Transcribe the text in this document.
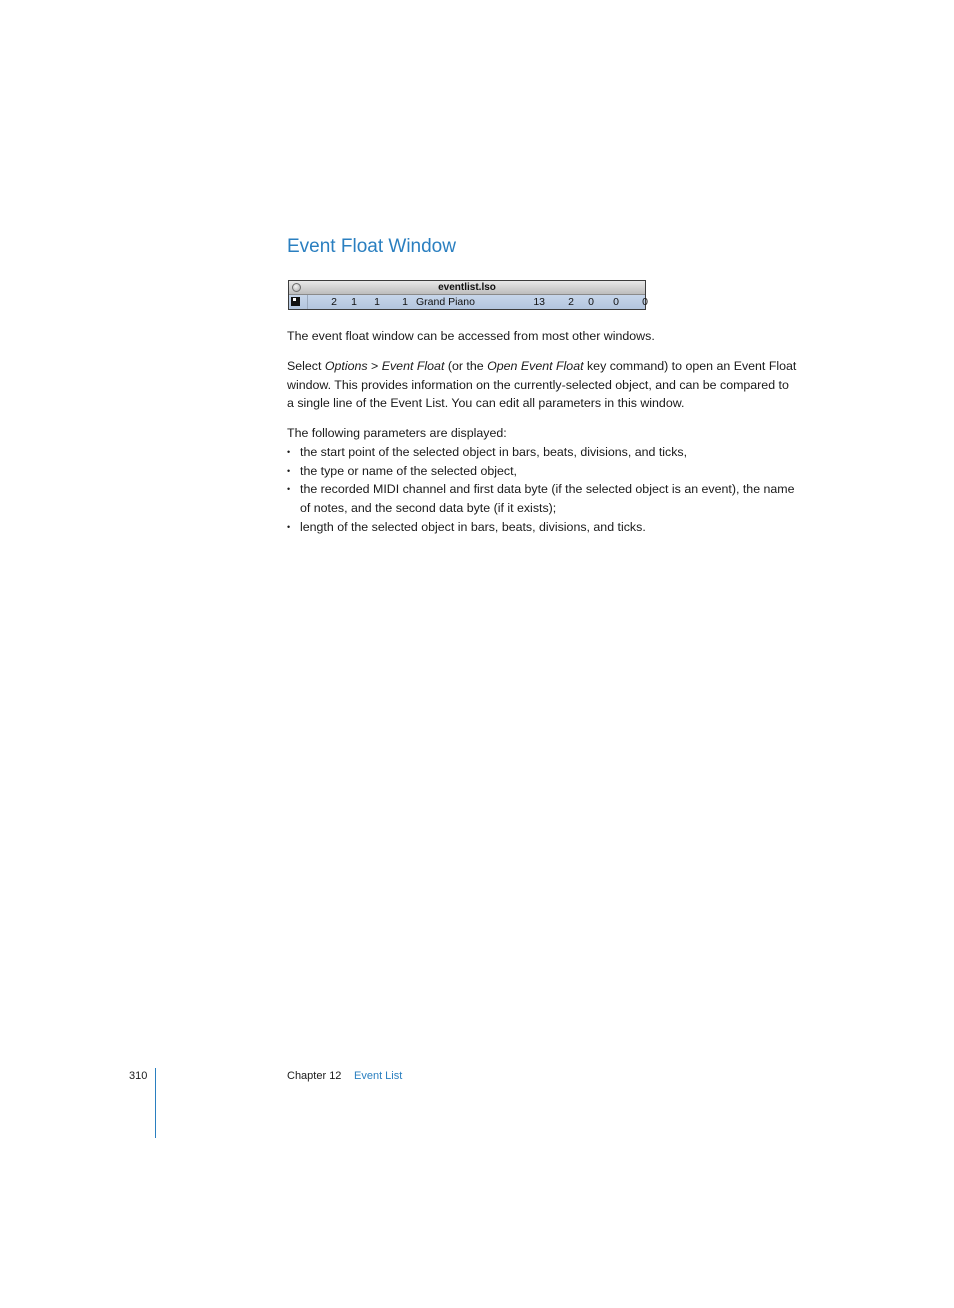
Event Float Window
eventlist.lso
2	1	1	1 Grand Piano	13	2	0	0	0

The event float window can be accessed from most other windows.

Select Options > Event Float (or the Open Event Float key command) to open an Event Float window. This provides information on the currently-selected object, and can be compared to a single line of the Event List. You can edit all parameters in this window.

The following parameters are displayed:

• the start point of the selected object in bars, beats, divisions, and ticks,
• the type or name of the selected object,
• the recorded MIDI channel and first data byte (if the selected object is an event), the name of notes, and the second data byte (if it exists);
• length of the selected object in bars, beats, divisions, and ticks.
310	Chapter 12 Event List
